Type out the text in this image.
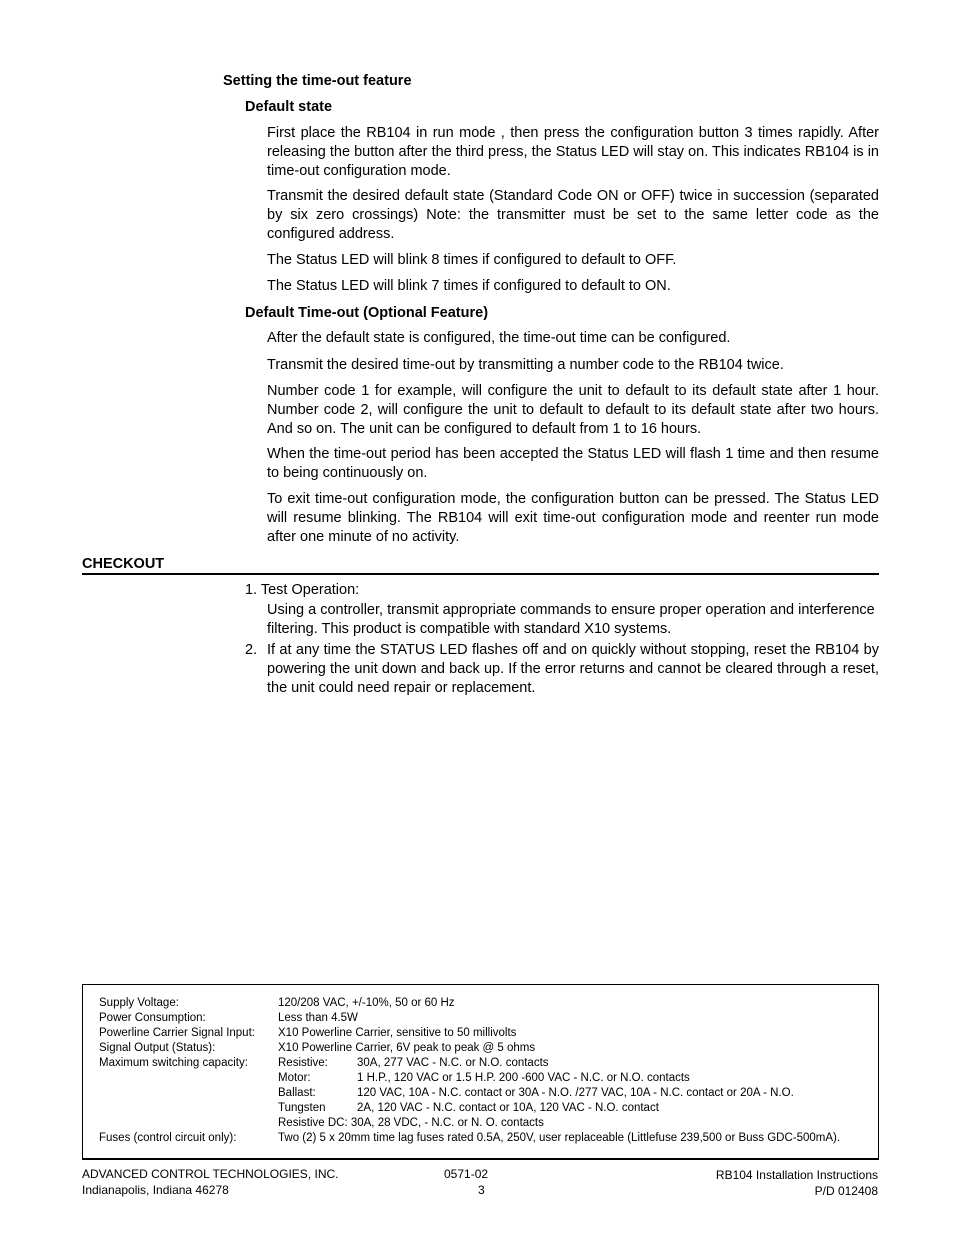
Setting the time-out feature
Default state
First place the RB104 in run mode , then press the configuration button 3 times rapidly. After releasing the button after the third press, the Status LED will stay on. This indicates RB104 is in time-out configuration mode.
Transmit the desired default state (Standard Code ON or OFF) twice in succession (separated by six zero crossings) Note: the transmitter must be set to the same letter code as the configured address.
The Status LED will blink 8 times if configured to default to OFF.
The Status LED will blink 7 times if configured to default to ON.
Default Time-out (Optional Feature)
After the default state is configured, the time-out time can be configured.
Transmit the desired time-out by transmitting a number code to the RB104 twice.
Number code 1 for example, will configure the unit to default to its default state after 1 hour. Number code 2, will configure the unit to default to default to its default state after two hours. And so on. The unit can be configured to default from 1 to 16 hours.
When the time-out period has been accepted the Status LED will flash 1 time and then resume to being continuously on.
To exit time-out configuration mode, the configuration button can be pressed. The Status LED will resume blinking. The RB104 will exit time-out configuration mode and reenter run mode after one minute of no activity.
CHECKOUT
1. Test Operation:
Using a controller, transmit appropriate commands to ensure proper operation and interference filtering. This product is compatible with standard X10 systems.
2. If at any time the STATUS LED flashes off and on quickly without stopping, reset the RB104 by powering the unit down and back up. If the error returns and cannot be cleared through a reset, the unit could need repair or replacement.
Supply Voltage:	120/208 VAC, +/-10%, 50 or 60 Hz
Power Consumption:	Less than 4.5W
Powerline Carrier Signal Input: X10 Powerline Carrier, sensitive to 50 millivolts
Signal Output (Status):	X10 Powerline Carrier, 6V peak to peak @ 5 ohms
Maximum switching capacity:	Resistive:	30A, 277 VAC - N.C. or N.O. contacts
Motor:	1 H.P., 120 VAC or 1.5 H.P. 200 -600 VAC - N.C. or N.O. contacts
Ballast:	120 VAC, 10A - N.C. contact or 30A - N.O. /277 VAC, 10A - N.C. contact or 20A - N.O.
Tungsten	2A, 120 VAC - N.C. contact or 10A, 120 VAC - N.O. contact
Resistive DC: 30A, 28 VDC, - N.C. or N. O. contacts
Fuses (control circuit only):	Two (2) 5 x 20mm time lag fuses rated 0.5A, 250V, user replaceable (Littlefuse 239,500 or Buss GDC-500mA).
ADVANCED CONTROL TECHNOLOGIES, INC.
Indianapolis, Indiana 46278
0571-02
3
RB104 Installation Instructions
P/D 012408
